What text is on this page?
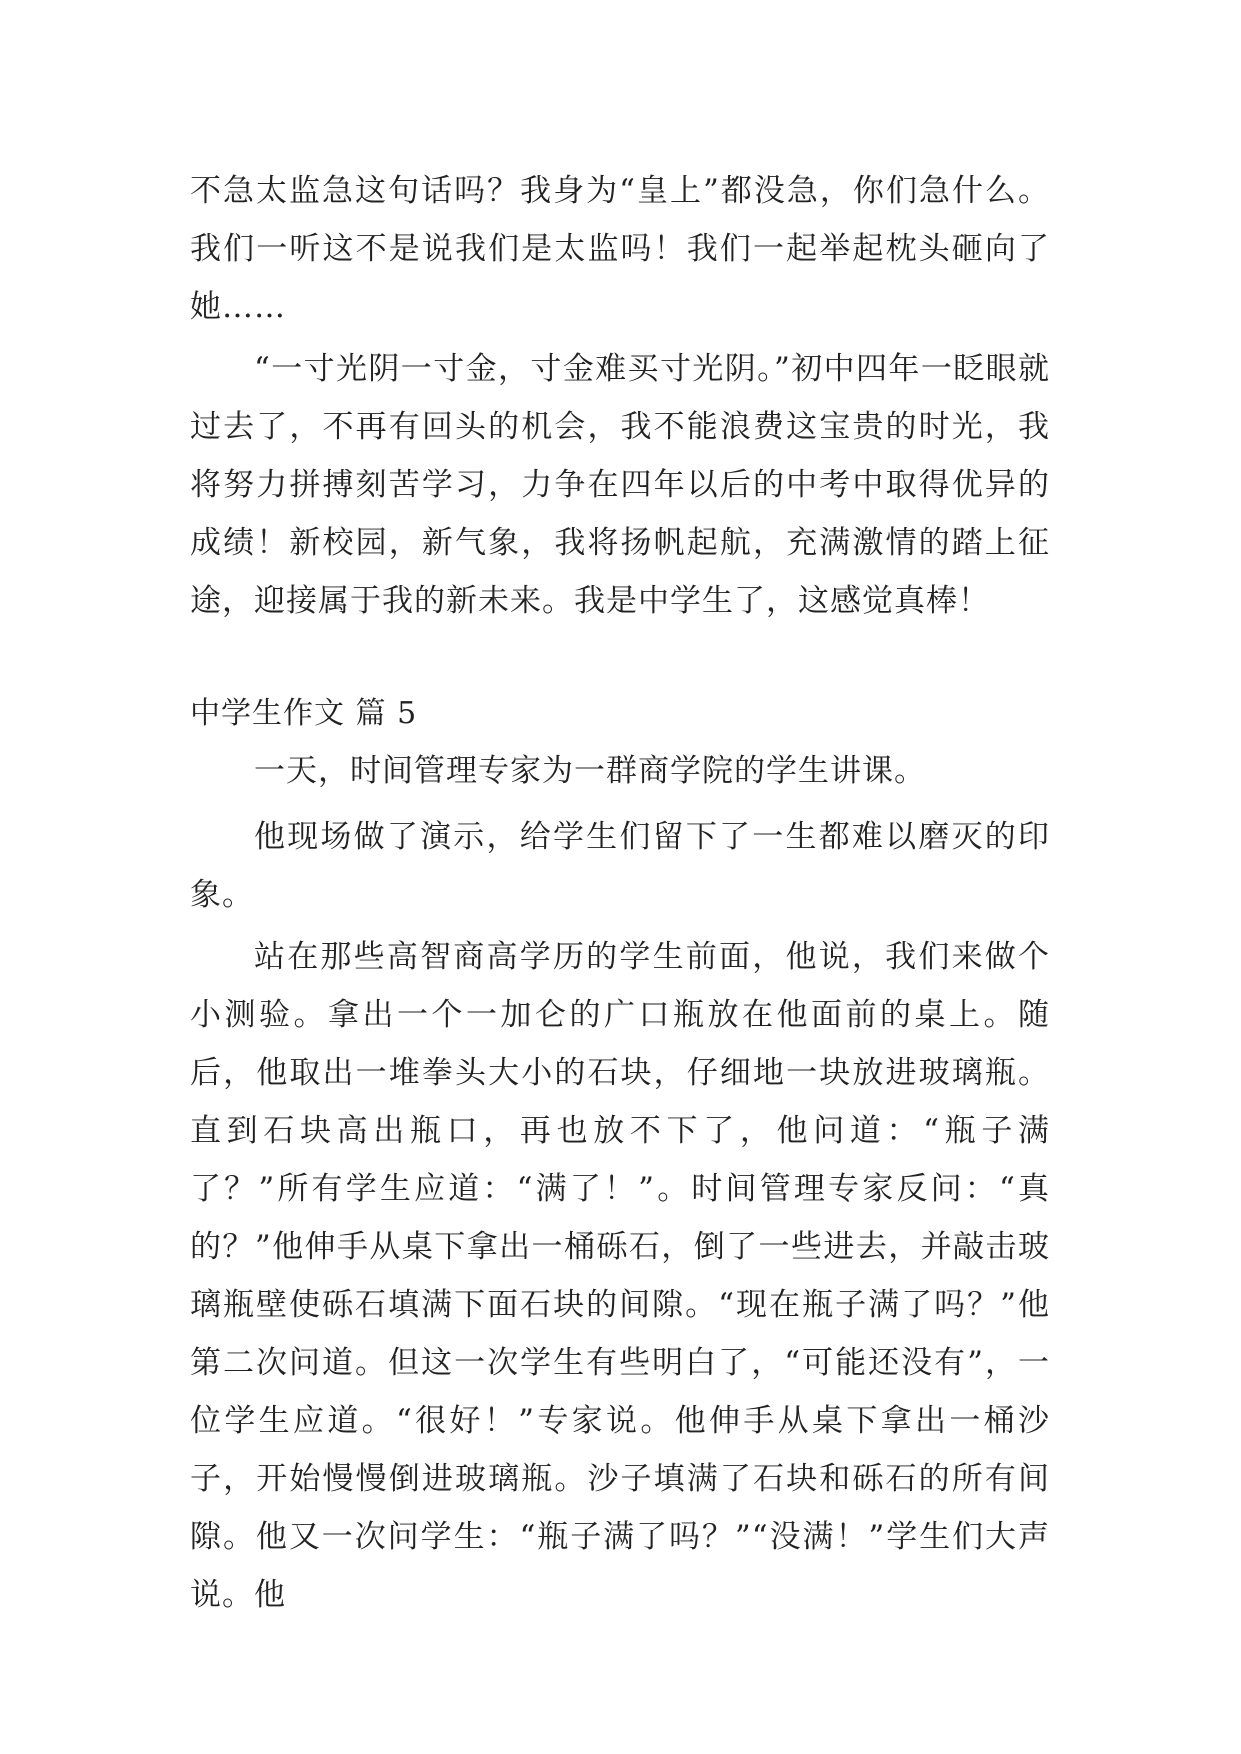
不急太监急这句话吗？我身为“皇上”都没急，你们急什么。我们一听这不是说我们是太监吗！我们一起举起枕头砸向了她……

“一寸光阴一寸金，寸金难买寸光阴。”初中四年一眨眼就过去了，不再有回头的机会，我不能浪费这宝贵的时光，我将努力拼搏刻苦学习，力争在四年以后的中考中取得优异的成绩！新校园，新气象，我将扬帆起航，充满激情的踏上征途，迎接属于我的新未来。我是中学生了，这感觉真棒！

中学生作文 篇 5

一天，时间管理专家为一群商学院的学生讲课。

他现场做了演示，给学生们留下了一生都难以磨灭的印象。

站在那些高智商高学历的学生前面，他说，我们来做个小测验。拿出一个一加仑的广口瓶放在他面前的桌上。随后，他取出一堆拳头大小的石块，仔细地一块放进玻璃瓶。直到石块高出瓶口，再也放不下了，他问道：“瓶子满了？”所有学生应道：“满了！”。时间管理专家反问：“真的？”他伸手从桌下拿出一桶砾石，倒了一些进去，并敲击玻璃瓶壁使砾石填满下面石块的间隙。“现在瓶子满了吗？”他第二次问道。但这一次学生有些明白了，“可能还没有”，一位学生应道。“很好！”专家说。他伸手从桌下拿出一桶沙子，开始慢慢倒进玻璃瓶。沙子填满了石块和砾石的所有间隙。他又一次问学生：“瓶子满了吗？”“没满！”学生们大声说。他
